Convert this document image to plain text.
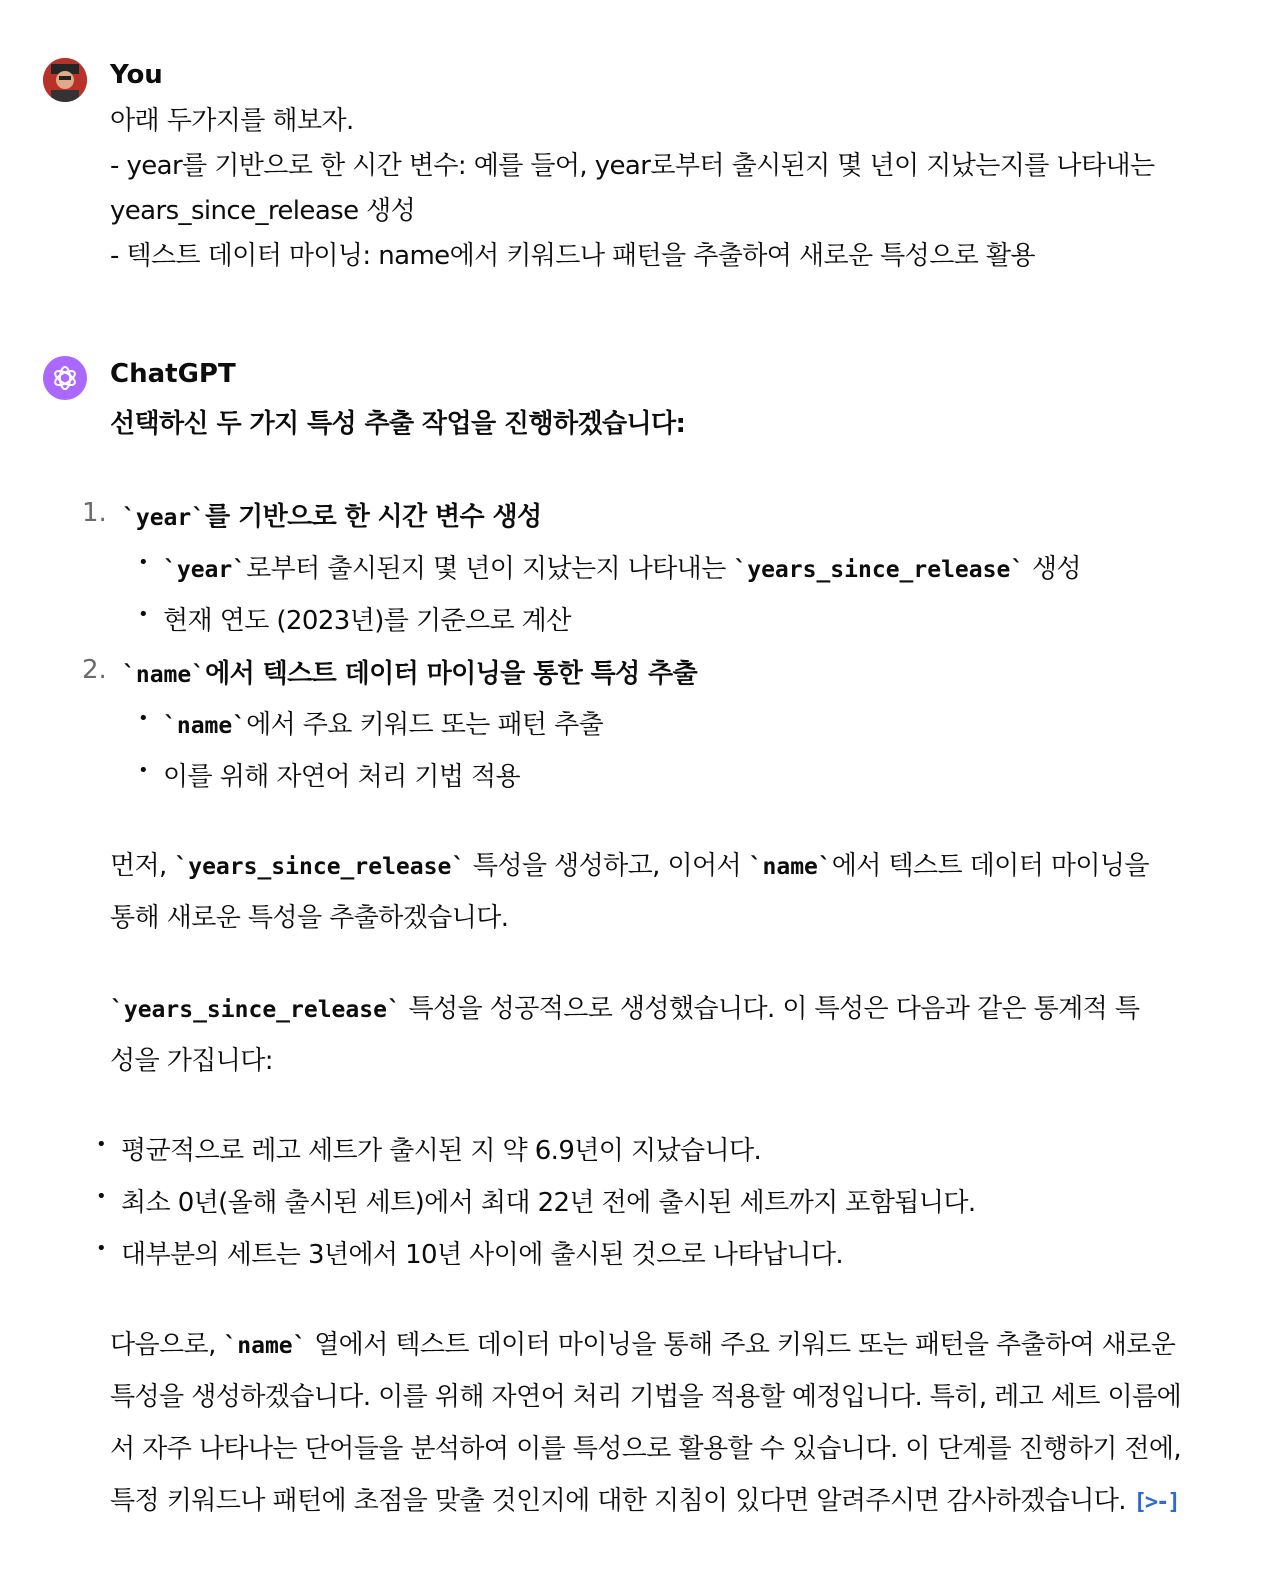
You
아래 두가지를 해보자.
- year를 기반으로 한 시간 변수: 예를 들어, year로부터 출시된지 몇 년이 지났는지를 나타내는
years_since_release 생성
- 텍스트 데이터 마이닝: name에서 키워드나 패턴을 추출하여 새로운 특성으로 활용
ChatGPT
선택하신 두 가지 특성 추출 작업을 진행하겠습니다:
1. `year`를 기반으로 한 시간 변수 생성
• `year`로부터 출시된지 몇 년이 지났는지 나타내는 `years_since_release` 생성
• 현재 연도 (2023년)를 기준으로 계산
2. `name`에서 텍스트 데이터 마이닝을 통한 특성 추출
• `name`에서 주요 키워드 또는 패턴 추출
• 이를 위해 자연어 처리 기법 적용
먼저, `years_since_release` 특성을 생성하고, 이어서 `name`에서 텍스트 데이터 마이닝을
통해 새로운 특성을 추출하겠습니다.
`years_since_release` 특성을 성공적으로 생성했습니다. 이 특성은 다음과 같은 통계적 특
성을 가집니다:
• 평균적으로 레고 세트가 출시된 지 약 6.9년이 지났습니다.
• 최소 0년(올해 출시된 세트)에서 최대 22년 전에 출시된 세트까지 포함됩니다.
• 대부분의 세트는 3년에서 10년 사이에 출시된 것으로 나타납니다.
다음으로, `name` 열에서 텍스트 데이터 마이닝을 통해 주요 키워드 또는 패턴을 추출하여 새로운
특성을 생성하겠습니다. 이를 위해 자연어 처리 기법을 적용할 예정입니다. 특히, 레고 세트 이름에
서 자주 나타나는 단어들을 분석하여 이를 특성으로 활용할 수 있습니다. 이 단계를 진행하기 전에,
특정 키워드나 패턴에 초점을 맞출 것인지에 대한 지침이 있다면 알려주시면 감사하겠습니다. [>-]
